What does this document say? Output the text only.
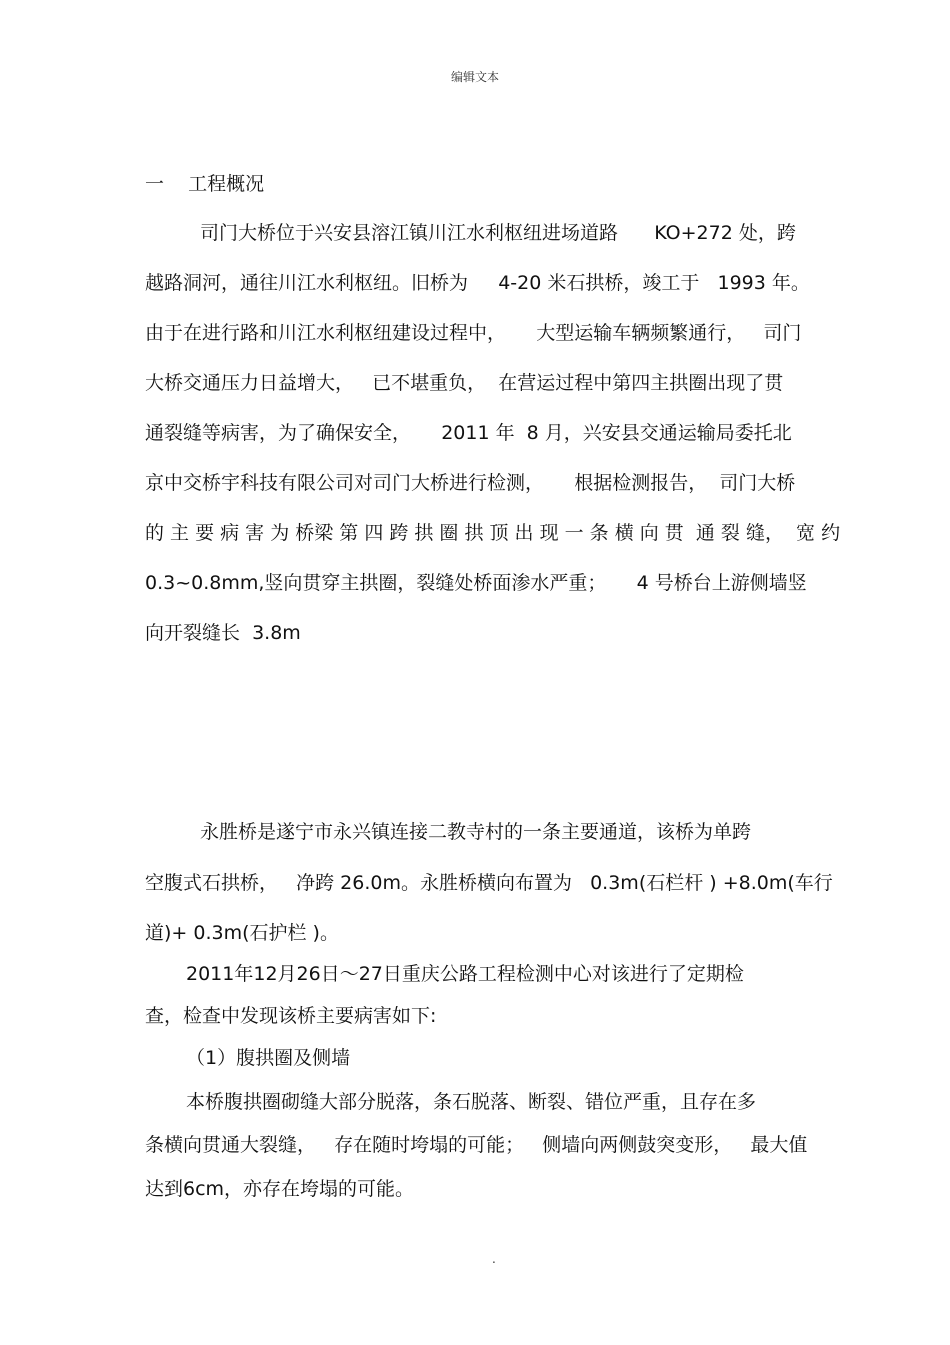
编辑文本
一    工程概况
司门大桥位于兴安县溶江镇川江水利枢纽进场道路      KO+272 处，跨
越路洞河，通往川江水利枢纽。旧桥为     4-20 米石拱桥，竣工于   1993 年。
由于在进行路和川江水利枢纽建设过程中，     大型运输车辆频繁通行，   司门
大桥交通压力日益增大，   已不堪重负，  在营运过程中第四主拱圈出现了贯
通裂缝等病害，为了确保安全，     2011 年  8 月，兴安县交通运输局委托北
京中交桥宇科技有限公司对司门大桥进行检测，     根据检测报告，  司门大桥
的 主 要 病 害 为 桥梁 第 四 跨 拱 圈 拱 顶 出 现 一 条 横 向 贯  通 裂 缝，  宽 约
0.3~0.8mm,竖向贯穿主拱圈，裂缝处桥面渗水严重；     4 号桥台上游侧墙竖
向开裂缝长  3.8m
永胜桥是遂宁市永兴镇连接二教寺村的一条主要通道，该桥为单跨
空腹式石拱桥，   净跨 26.0m。永胜桥横向布置为   0.3m(石栏杆 ) +8.0m(车行
道)+ 0.3m(石护栏 )。
2011年12月26日～27日重庆公路工程检测中心对该进行了定期检
查，检查中发现该桥主要病害如下:
（1）腹拱圈及侧墙
本桥腹拱圈砌缝大部分脱落，条石脱落、断裂、错位严重，且存在多
条横向贯通大裂缝，   存在随时垮塌的可能；   侧墙向两侧鼓突变形，   最大值
达到6cm，亦存在垮塌的可能。
.
